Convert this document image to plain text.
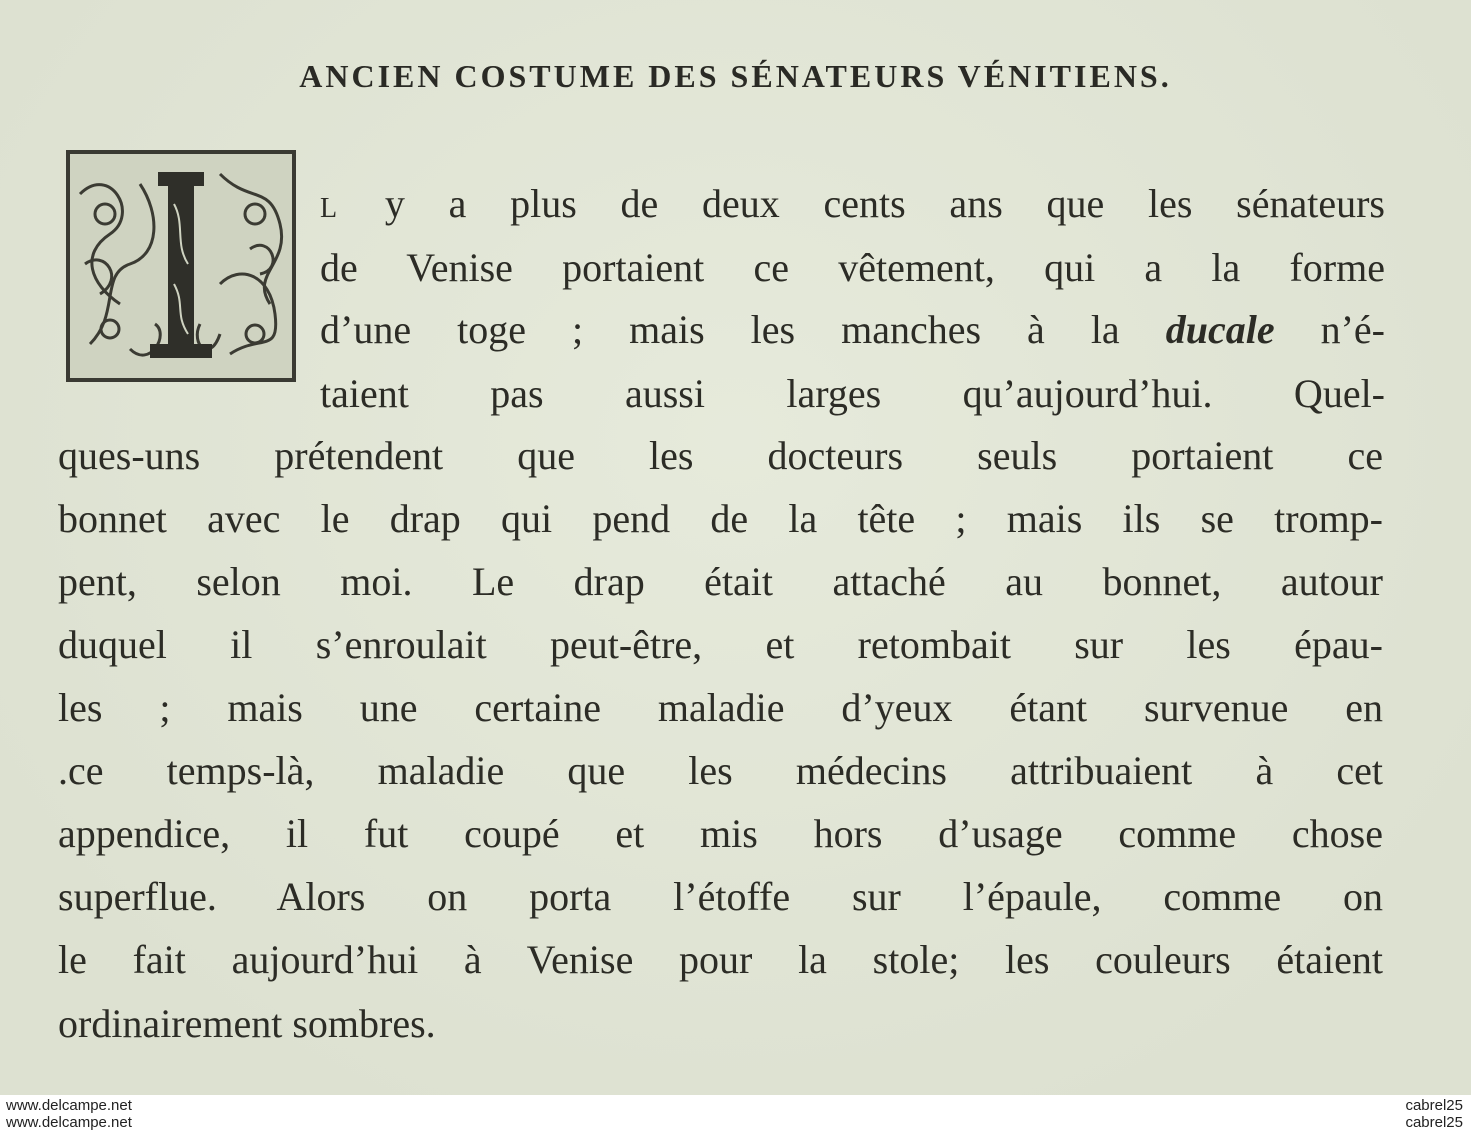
ANCIEN COSTUME DES SÉNATEURS VÉNITIENS.
L y a plus de deux cents ans que les sénateurs
de Venise portaient ce vêtement, qui a la forme
d’une toge ; mais les manches à la ducale n’é-
taient pas aussi larges qu’aujourd’hui. Quel-
ques-uns prétendent que les docteurs seuls portaient ce
bonnet avec le drap qui pend de la tête ; mais ils se tromp-
pent, selon moi. Le drap était attaché au bonnet, autour
duquel il s’enroulait peut-être, et retombait sur les épau-
les ; mais une certaine maladie d’yeux étant survenue en
.ce temps-là, maladie que les médecins attribuaient à cet
appendice, il fut coupé et mis hors d’usage comme chose
superflue. Alors on porta l’étoffe sur l’épaule, comme on
le fait aujourd’hui à Venise pour la stole; les couleurs étaient
ordinairement sombres.
www.delcampe.net
www.delcampe.net
cabrel25
cabrel25
